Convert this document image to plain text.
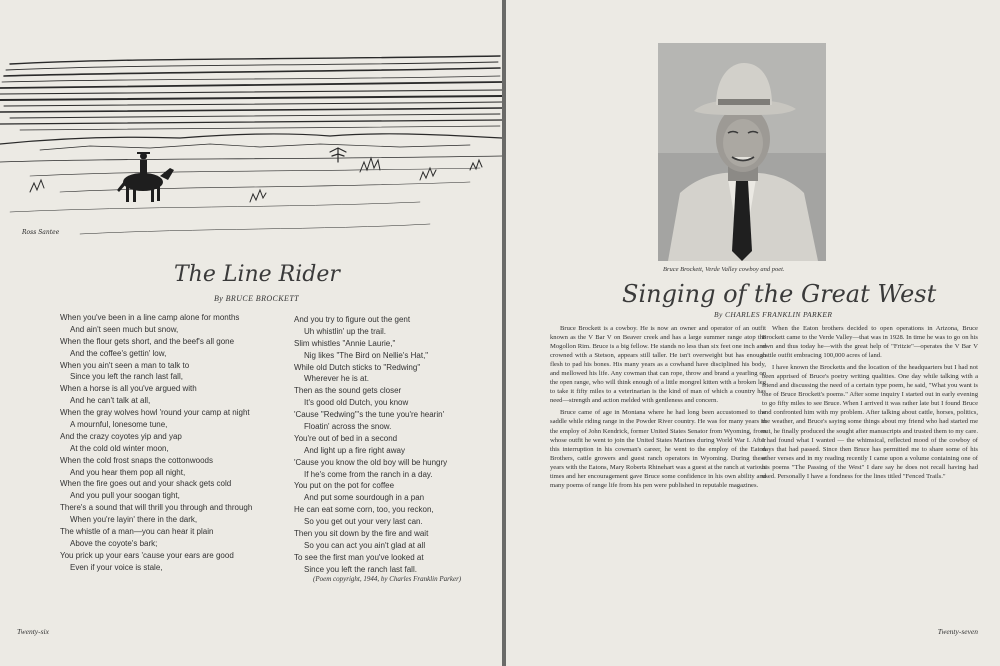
Ross Santee
The Line Rider
By BRUCE BROCKETT
When you've been in a line camp alone for months
And ain't seen much but snow,
When the flour gets short, and the beef's all gone
And the coffee's gettin' low,
When you ain't seen a man to talk to
Since you left the ranch last fall,
When a horse is all you've argued with
And he can't talk at all,
When the gray wolves howl 'round your camp at night
A mournful, lonesome tune,
And the crazy coyotes yip and yap
At the cold old winter moon,
When the cold frost snaps the cottonwoods
And you hear them pop all night,
When the fire goes out and your shack gets cold
And you pull your soogan tight,
There's a sound that will thrill you through and through
When you're layin' there in the dark,
The whistle of a man—you can hear it plain
Above the coyote's bark;
You prick up your ears 'cause your ears are good
Even if your voice is stale,
And you try to figure out the gent
Uh whistlin' up the trail.
Slim whistles "Annie Laurie,"
Nig likes "The Bird on Nellie's Hat,"
While old Dutch sticks to "Redwing"
Wherever he is at.
Then as the sound gets closer
It's good old Dutch, you know
'Cause "Redwing"'s the tune you're hearin'
Floatin' across the snow.
You're out of bed in a second
And light up a fire right away
'Cause you know the old boy will be hungry
If he's come from the ranch in a day.
You put on the pot for coffee
And put some sourdough in a pan
He can eat some corn, too, you reckon,
So you get out your very last can.
Then you sit down by the fire and wait
So you can act you ain't glad at all
To see the first man you've looked at
Since you left the ranch last fall.
(Poem copyright, 1944, by Charles Franklin Parker)
Twenty-six
Bruce Brockett, Verde Valley cowboy and poet.
Singing of the Great West
By CHARLES FRANKLIN PARKER

Bruce Brockett is a cowboy. He is now an owner and operator of an outfit known as the V Bar V on Beaver creek and has a large summer range atop the Mogollon Rim. Bruce is a big fellow. He stands no less than six feet one inch and crowned with a Stetson, appears still taller. He isn't overweight but has enough flesh to pad his bones. His many years as a cowhand have disciplined his body, and mellowed his life. Any cowman that can rope, throw and brand a yearling on the open range, who will think enough of a little mongrel kitten with a broken leg to take it fifty miles to a veterinarian is the kind of man of which a country has need—strength and action melded with gentleness and concern.

Bruce came of age in Montana where he had long been accustomed to the saddle while riding range in the Powder River country. He was for many years in the employ of John Kendrick, former United States Senator from Wyoming, from whose outfit he went to join the United States Marines during World War I. After this interruption in his cowman's career, he went to the employ of the Eaton Brothers, cattle growers and guest ranch operators in Wyoming. During these years with the Eatons, Mary Roberts Rhinehart was a guest at the ranch at various times and her encouragement gave Bruce some confidence in his own ability and many poems of range life from his pen were published in reputable magazines.

When the Eaton brothers decided to open operations in Arizona, Bruce Brockett came to the Verde Valley—that was in 1928. In time he was to go on his own and thus today he—with the great help of "Fritzie"—operates the V Bar V cattle outfit embracing 100,000 acres of land.

I have known the Brocketts and the location of the headquarters but I had not been apprised of Bruce's poetry writing qualities. One day while talking with a friend and discussing the need of a certain type poem, he said, "What you want is one of Bruce Brockett's poems." After some inquiry I started out in early evening to go fifty miles to see Bruce. When I arrived it was rather late but I found Bruce and confronted him with my problem. After talking about cattle, horses, politics, the weather, and Bruce's saying some things about my friend who had started me out, he finally produced the sought after manuscripts and trusted them to my care. I had found what I wanted — the whimsical, reflected mood of the cowboy of days that had passed. Since then Bruce has permitted me to share some of his other verses and in my reading recently I came upon a volume containing one of his poems "The Passing of the West" I dare say he does not recall having had used. Personally I have a fondness for the lines titled "Fenced Trails."

Twenty-seven
